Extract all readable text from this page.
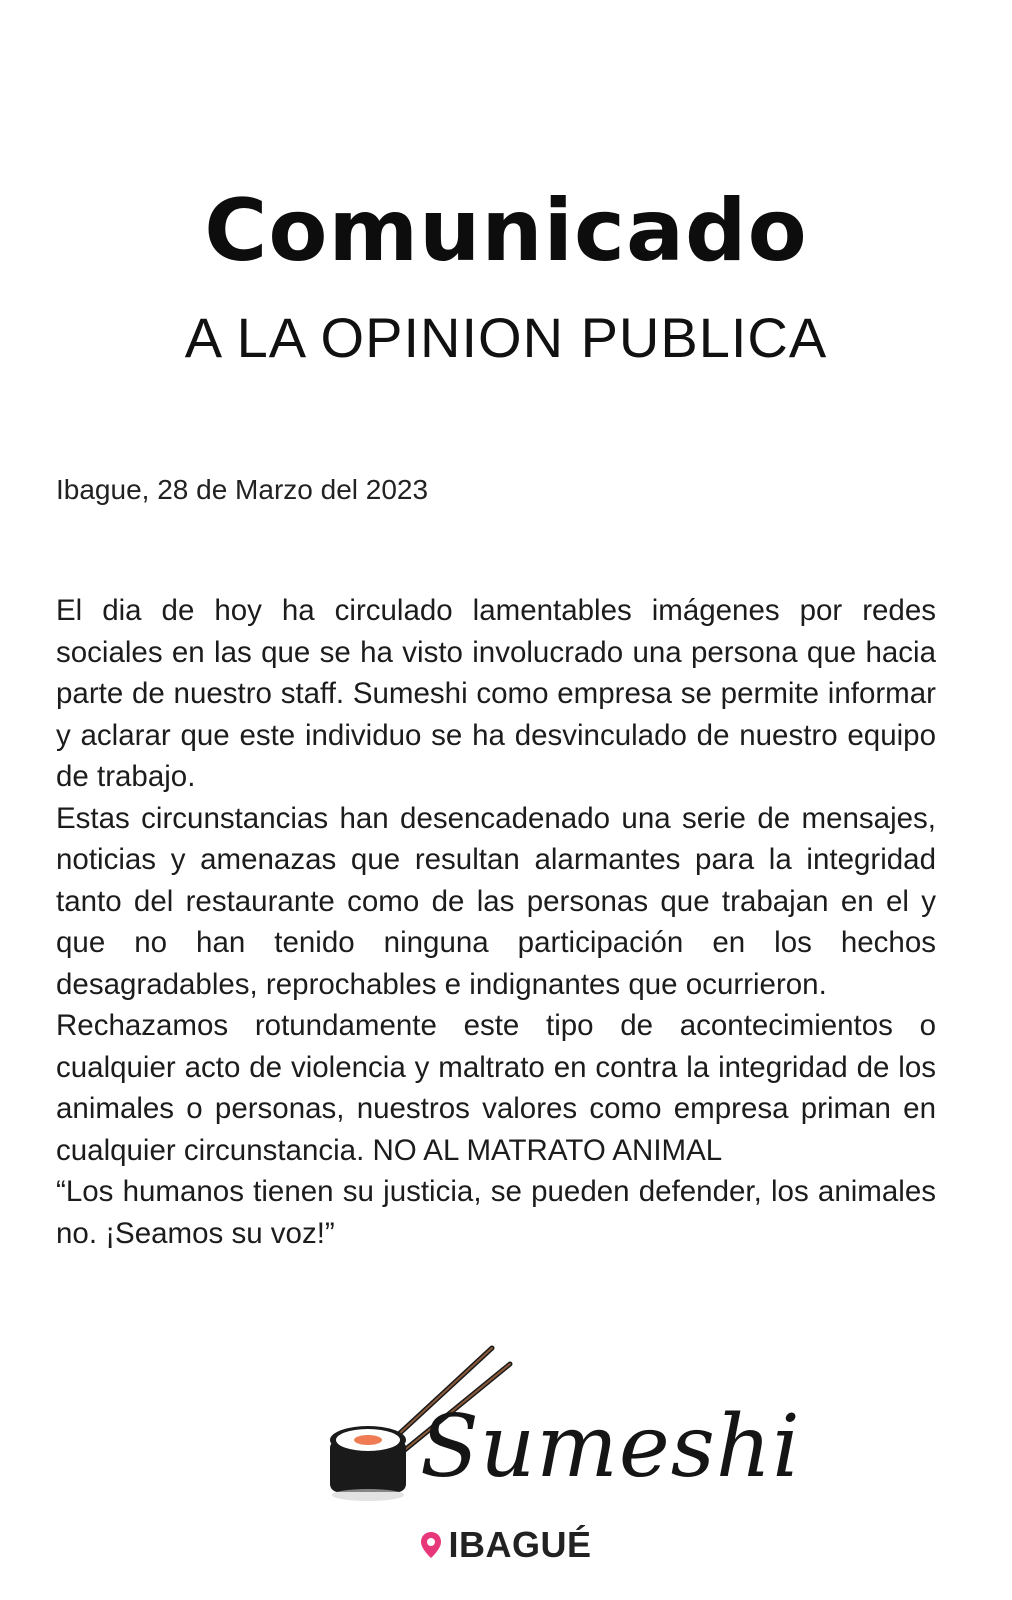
Comunicado
A LA OPINION PUBLICA
Ibague, 28 de Marzo del 2023

El dia de hoy ha circulado lamentables imágenes por redes sociales en las que se ha visto involucrado una persona que hacia parte de nuestro staff. Sumeshi como empresa se permite informar y aclarar que este individuo se ha desvinculado de nuestro equipo de trabajo.

Estas circunstancias han desencadenado una serie de mensajes, noticias y amenazas que resultan alarmantes para la integridad tanto del restaurante como de las personas que trabajan en el y que no han tenido ninguna participación en los hechos desagradables, reprochables e indignantes que ocurrieron.

Rechazamos rotundamente este tipo de acontecimientos o cualquier acto de violencia y maltrato en contra la integridad de los animales o personas, nuestros valores como empresa priman en cualquier circunstancia. NO AL MATRATO ANIMAL

“Los humanos tienen su justicia, se pueden defender, los animales no. ¡Seamos su voz!”

Sumeshi
IBAGUÉ
